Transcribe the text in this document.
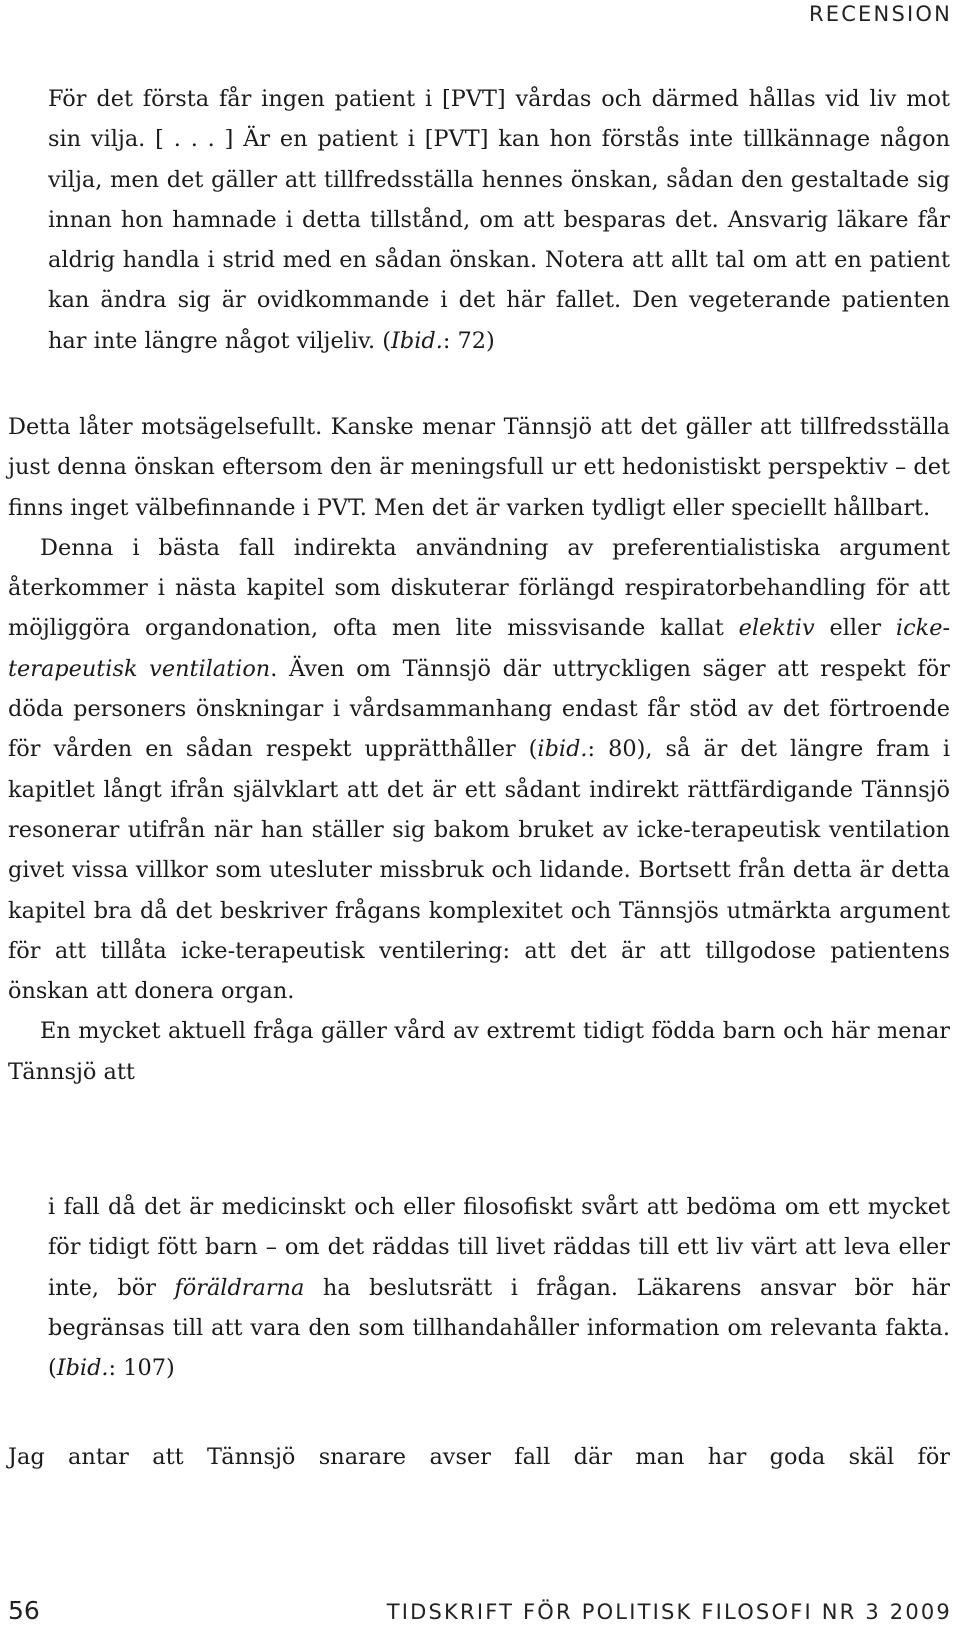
RECENSION

För det första får ingen patient i [PVT] vårdas och därmed hållas vid liv mot sin vilja. [ . . . ] Är en patient i [PVT] kan hon förstås inte tillkännage någon vilja, men det gäller att tillfredsställa hennes önskan, sådan den gestaltade sig innan hon hamnade i detta tillstånd, om att besparas det. Ansvarig läkare får aldrig handla i strid med en sådan önskan. Notera att allt tal om att en patient kan ändra sig är ovidkommande i det här fallet. Den vegeterande patienten har inte längre något viljeliv. (Ibid.: 72)

Detta låter motsägelsefullt. Kanske menar Tännsjö att det gäller att tillfredsställa just denna önskan eftersom den är meningsfull ur ett hedonistiskt perspektiv – det finns inget välbefinnande i PVT. Men det är varken tydligt eller speciellt hållbart.

Denna i bästa fall indirekta användning av preferentialistiska argument återkommer i nästa kapitel som diskuterar förlängd respiratorbehandling för att möjliggöra organdonation, ofta men lite missvisande kallat elektiv eller icke-terapeutisk ventilation. Även om Tännsjö där uttryckligen säger att respekt för döda personers önskningar i vårdsammanhang endast får stöd av det förtroende för vården en sådan respekt upprätthåller (ibid.: 80), så är det längre fram i kapitlet långt ifrån självklart att det är ett sådant indirekt rättfärdigande Tännsjö resonerar utifrån när han ställer sig bakom bruket av icke-terapeutisk ventilation givet vissa villkor som utesluter missbruk och lidande. Bortsett från detta är detta kapitel bra då det beskriver frågans komplexitet och Tännsjös utmärkta argument för att tillåta icke-terapeutisk ventilering: att det är att tillgodose patientens önskan att donera organ.

En mycket aktuell fråga gäller vård av extremt tidigt födda barn och här menar Tännsjö att

i fall då det är medicinskt och eller filosofiskt svårt att bedöma om ett mycket för tidigt fött barn – om det räddas till livet räddas till ett liv värt att leva eller inte, bör föräldrarna ha beslutsrätt i frågan. Läkarens ansvar bör här begränsas till att vara den som tillhandahåller information om relevanta fakta. (Ibid.: 107)

Jag antar att Tännsjö snarare avser fall där man har goda skäl för

56	TIDSKRIFT FÖR POLITISK FILOSOFI NR 3 2009
